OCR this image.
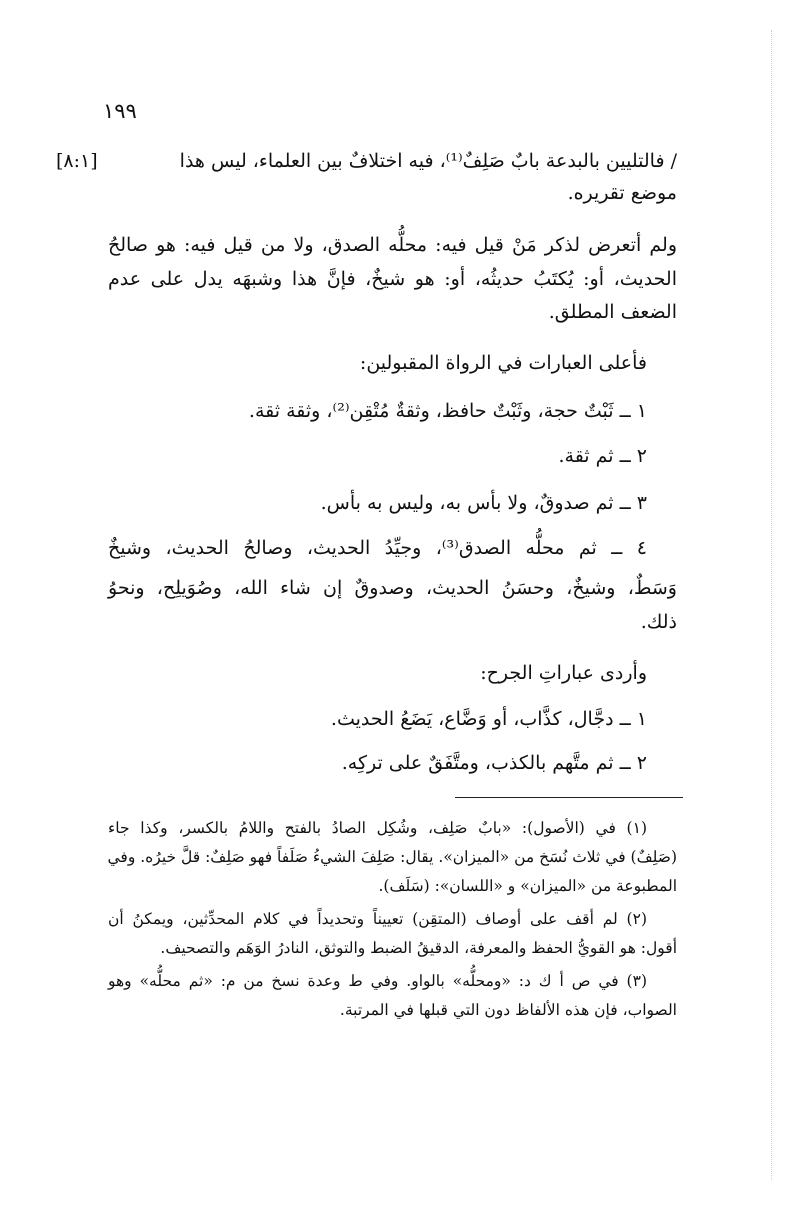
١٩٩
/ فالتليين بالبدعة بابٌ صَلِفٌ⁽¹⁾، فيه اختلافٌ بين العلماء، ليس هذا
[٨:١]
موضع تقريره.
ولم أتعرض لذكر مَنْ قيل فيه: محلُّه الصدق، ولا من قيل فيه: هو صالحُ
الحديث، أو: يُكتَبُ حديثُه، أو: هو شيخٌ، فإنَّ هذا وشبهَه يدل على عدم
الضعف المطلق.
فأعلى العبارات في الرواة المقبولين:
١ ــ ثَبْتٌ حجة، وثَبْتٌ حافظ، وثقةٌ مُتْقِن⁽²⁾، وثقة ثقة.
٢ ــ ثم ثقة.
٣ ــ ثم صدوقٌ، ولا بأس به، وليس به بأس.
٤ ــ ثم محلُّه الصدق⁽³⁾، وجيِّدُ الحديث، وصالحُ الحديث، وشيخٌ
وَسَطٌ، وشيخٌ، وحسَنُ الحديث، وصدوقٌ إن شاء الله، وصُوَيلِح، ونحوُ
ذلك.
وأردى عباراتِ الجرح:
١ ــ دجَّال، كذَّاب، أو وَضَّاع، يَضَعُ الحديث.
٢ ــ ثم متَّهم بالكذب، ومتَّفَقٌ على تركِه.
(١) في (الأصول): «بابٌ صَلِف، وشُكِل الصادُ بالفتح واللامُ بالكسر، وكذا جاء
(صَلِفٌ) في ثلاث نُسَخ من «الميزان». يقال: صَلِفَ الشيءُ صَلَفاً فهو صَلِفٌ: قلَّ خيرُه. وفي
المطبوعة من «الميزان» و «اللسان»: (سَلَف).
(٢) لم أقف على أوصاف (المتقِن) تعييناً وتحديداً في كلام المحدِّثين، ويمكنُ أن
أقول: هو القويُّ الحفظ والمعرفة، الدقيقُ الضبط والتوثق، النادرُ الوَهَم والتصحيف.
(٣) في ص أ ك د: «ومحلُّه» بالواو. وفي ط وعدة نسخ من م: «ثم محلُّه» وهو
الصواب، فإن هذه الألفاظ دون التي قبلها في المرتبة.
